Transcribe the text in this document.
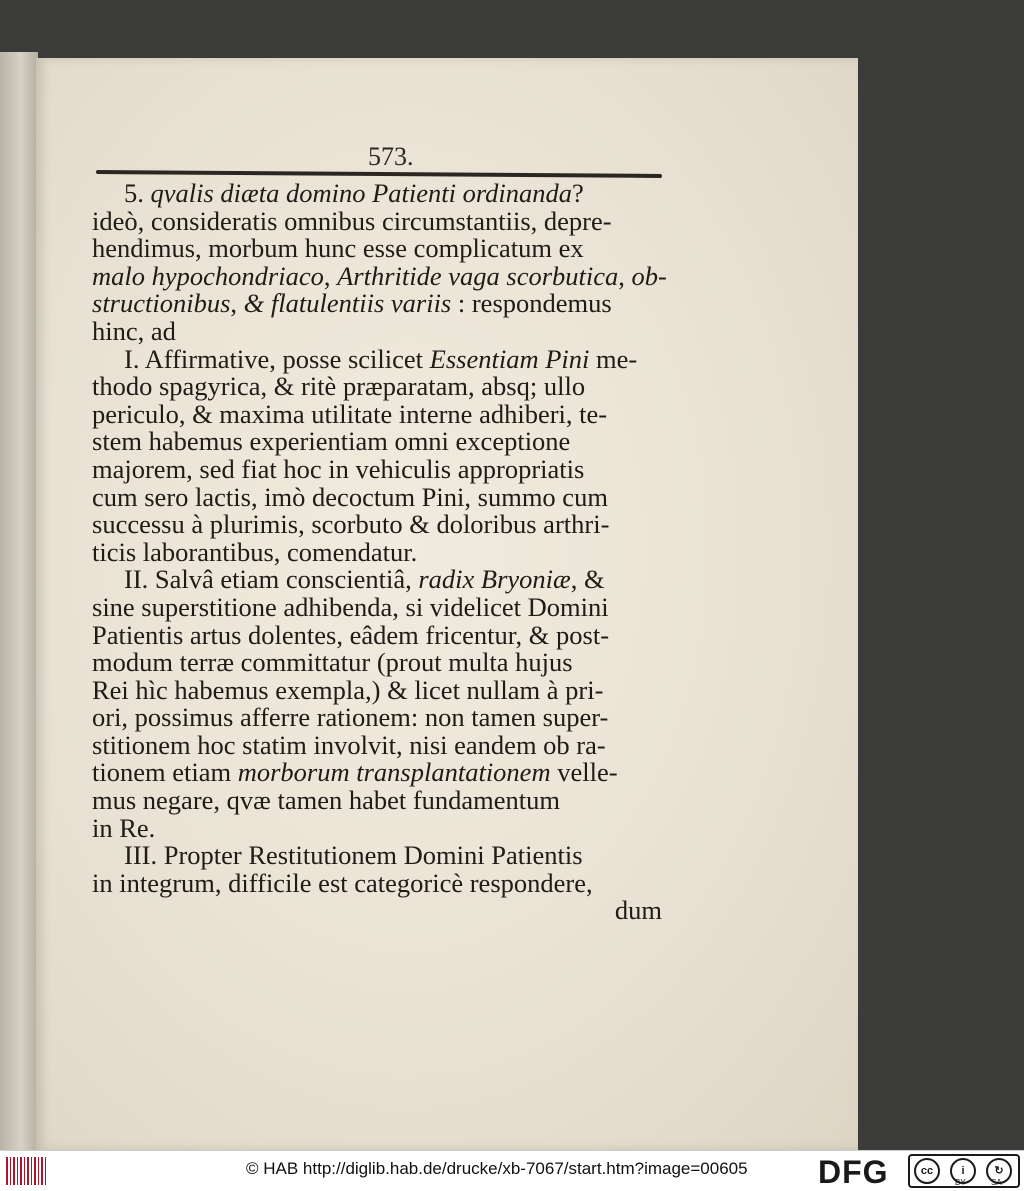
573.
5. qvalis diæta domino Patienti ordinanda?
ideò, consideratis omnibus circumstantiis, depre-
hendimus, morbum hunc esse complicatum ex
malo hypochondriaco, Arthritide vaga scorbutica, ob-
structionibus, & flatulentiis variis : respondemus
hinc, ad
I. Affirmative, posse scilicet Essentiam Pini me-
thodo spagyrica, & ritè præparatam, absq; ullo
periculo, & maxima utilitate interne adhiberi, te-
stem habemus experientiam omni exceptione
majorem, sed fiat hoc in vehiculis appropriatis
cum sero lactis, imò decoctum Pini, summo cum
successu à plurimis, scorbuto & doloribus arthri-
ticis laborantibus, comendatur.
II. Salvâ etiam conscientiâ, radix Bryoniæ, &
sine superstitione adhibenda, si videlicet Domini
Patientis artus dolentes, eâdem fricentur, & post-
modum terræ committatur (prout multa hujus
Rei hìc habemus exempla,) & licet nullam à pri-
ori, possimus afferre rationem: non tamen super-
stitionem hoc statim involvit, nisi eandem ob ra-
tionem etiam morborum transplantationem velle-
mus negare, qvæ tamen habet fundamentum
in Re.
III. Propter Restitutionem Domini Patientis
in integrum, difficile est categoricè respondere,
dum
© HAB http://diglib.hab.de/drucke/xb-7067/start.htm?image=00605 DFG	cc	i	↻
BY	SA
